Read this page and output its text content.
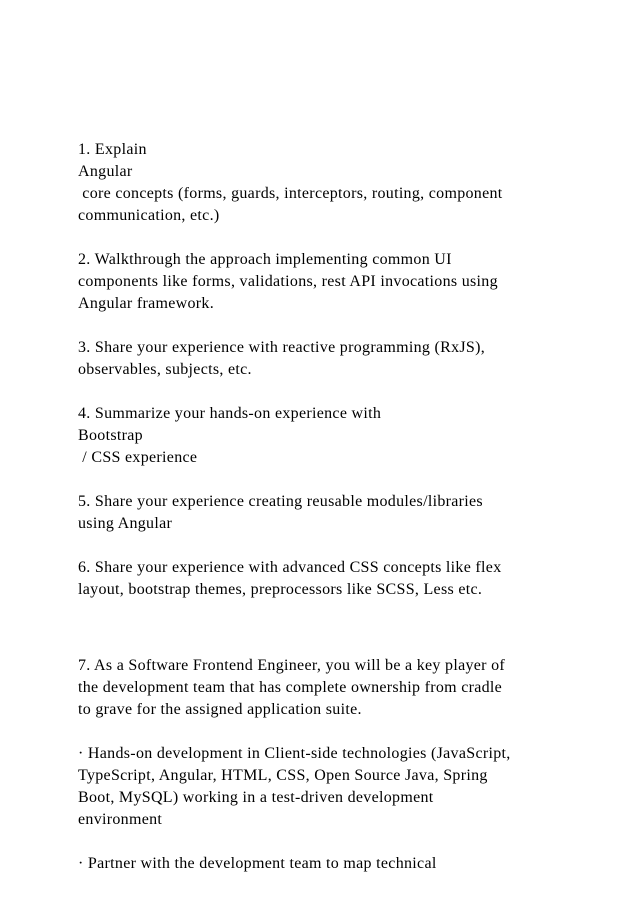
1. Explain
Angular
core concepts (forms, guards, interceptors, routing, component
communication, etc.)
2. Walkthrough the approach implementing common UI
components like forms, validations, rest API invocations using
Angular framework.
3. Share your experience with reactive programming (RxJS),
observables, subjects, etc.
4. Summarize your hands-on experience with
Bootstrap
/ CSS experience
5. Share your experience creating reusable modules/libraries
using Angular
6. Share your experience with advanced CSS concepts like flex
layout, bootstrap themes, preprocessors like SCSS, Less etc.
7. As a Software Frontend Engineer, you will be a key player of
the development team that has complete ownership from cradle
to grave for the assigned application suite.
· Hands-on development in Client-side technologies (JavaScript,
TypeScript, Angular, HTML, CSS, Open Source Java, Spring
Boot, MySQL) working in a test-driven development
environment
· Partner with the development team to map technical
